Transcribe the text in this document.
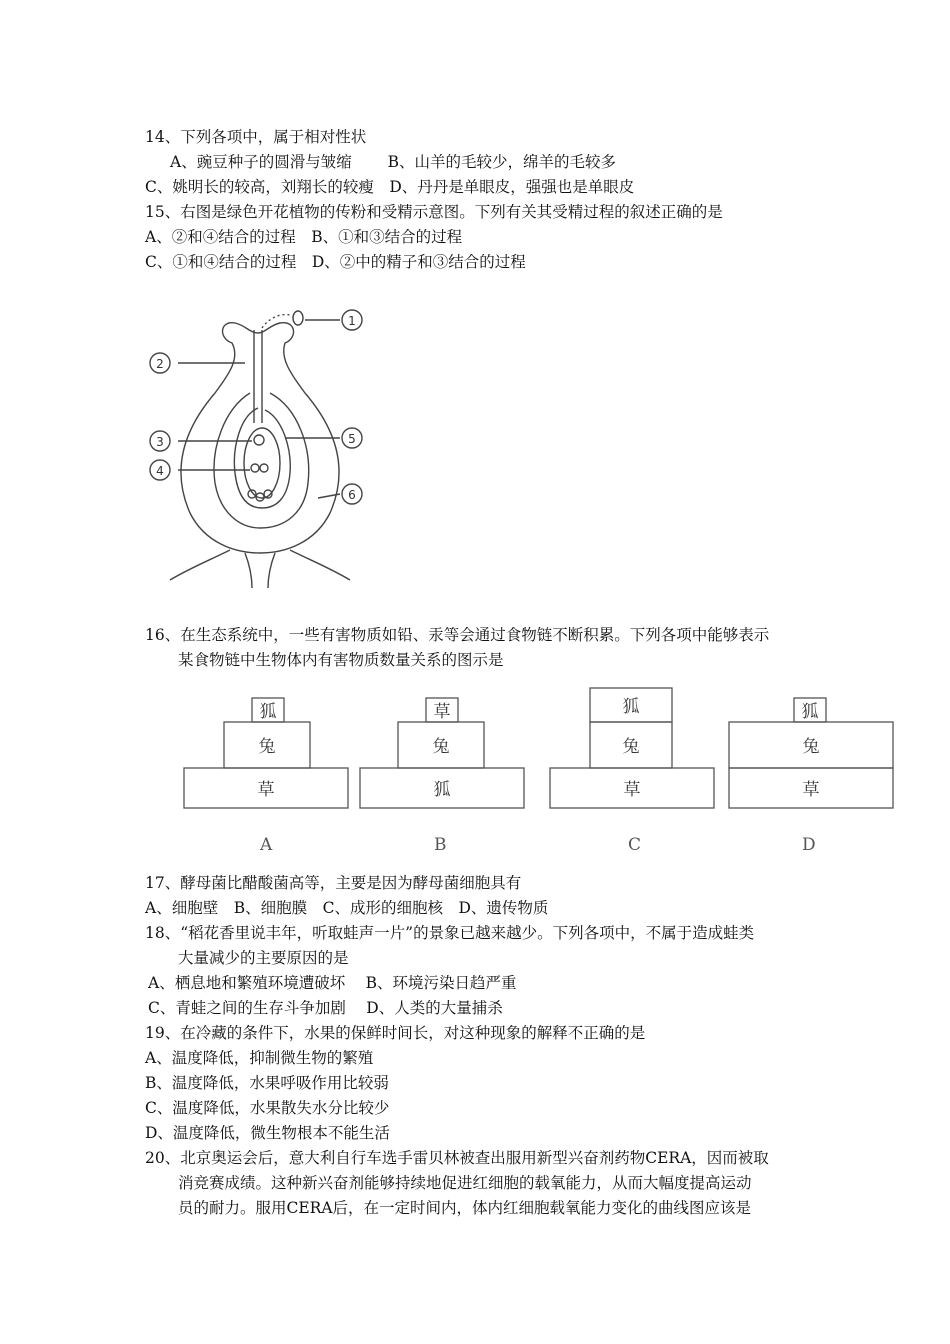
14、下列各项中，属于相对性状
A、豌豆种子的圆滑与皱缩　　 B、山羊的毛较少，绵羊的毛较多
C、姚明长的较高，刘翔长的较瘦　D、丹丹是单眼皮，强强也是单眼皮
15、右图是绿色开花植物的传粉和受精示意图。下列有关其受精过程的叙述正确的是
A、②和④结合的过程　B、①和③结合的过程
C、①和④结合的过程　D、②中的精子和③结合的过程
1
2
3
4
5
6
16、在生态系统中，一些有害物质如铅、汞等会通过食物链不断积累。下列各项中能够表示
某食物链中生物体内有害物质数量关系的图示是
狐
兔
草
草
兔
狐
狐
兔
草
狐
兔
草
A	B	C	D
17、酵母菌比醋酸菌高等，主要是因为酵母菌细胞具有
A、细胞壁　B、细胞膜　C、成形的细胞核　D、遗传物质
18、“稻花香里说丰年，听取蛙声一片”的景象已越来越少。下列各项中，不属于造成蛙类
大量减少的主要原因的是
A、栖息地和繁殖环境遭破坏　 B、环境污染日趋严重
C、青蛙之间的生存斗争加剧　 D、人类的大量捕杀
19、在冷藏的条件下，水果的保鲜时间长，对这种现象的解释不正确的是
A、温度降低，抑制微生物的繁殖
B、温度降低，水果呼吸作用比较弱
C、温度降低，水果散失水分比较少
D、温度降低，微生物根本不能生活
20、北京奥运会后，意大利自行车选手雷贝林被查出服用新型兴奋剂药物CERA，因而被取
消竞赛成绩。这种新兴奋剂能够持续地促进红细胞的载氧能力，从而大幅度提高运动
员的耐力。服用CERA后，在一定时间内，体内红细胞载氧能力变化的曲线图应该是
